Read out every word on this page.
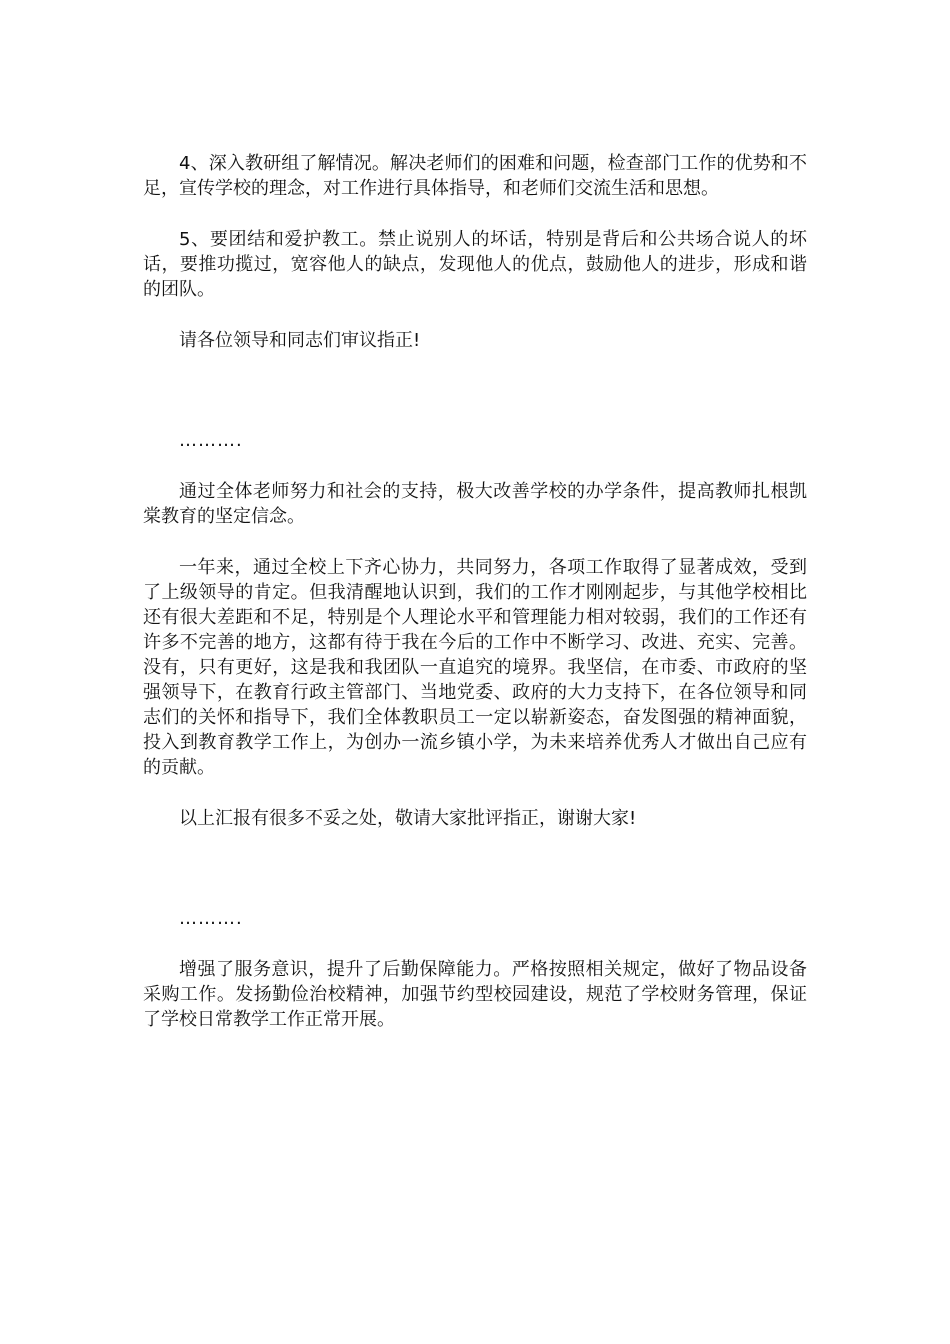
4、深入教研组了解情况。解决老师们的困难和问题，检查部门工作的优势和不足，宣传学校的理念，对工作进行具体指导，和老师们交流生活和思想。

5、要团结和爱护教工。禁止说别人的坏话，特别是背后和公共场合说人的坏话，要推功揽过，宽容他人的缺点，发现他人的优点，鼓励他人的进步，形成和谐的团队。

请各位领导和同志们审议指正!

……….

通过全体老师努力和社会的支持，极大改善学校的办学条件，提高教师扎根凯棠教育的坚定信念。

一年来，通过全校上下齐心协力，共同努力，各项工作取得了显著成效，受到了上级领导的肯定。但我清醒地认识到，我们的工作才刚刚起步，与其他学校相比还有很大差距和不足，特别是个人理论水平和管理能力相对较弱，我们的工作还有许多不完善的地方，这都有待于我在今后的工作中不断学习、改进、充实、完善。没有，只有更好，这是我和我团队一直追究的境界。我坚信，在市委、市政府的坚强领导下，在教育行政主管部门、当地党委、政府的大力支持下，在各位领导和同志们的关怀和指导下，我们全体教职员工一定以崭新姿态，奋发图强的精神面貌，投入到教育教学工作上，为创办一流乡镇小学，为未来培养优秀人才做出自己应有的贡献。

以上汇报有很多不妥之处，敬请大家批评指正，谢谢大家!

……….

增强了服务意识，提升了后勤保障能力。严格按照相关规定，做好了物品设备采购工作。发扬勤俭治校精神，加强节约型校园建设，规范了学校财务管理，保证了学校日常教学工作正常开展。
